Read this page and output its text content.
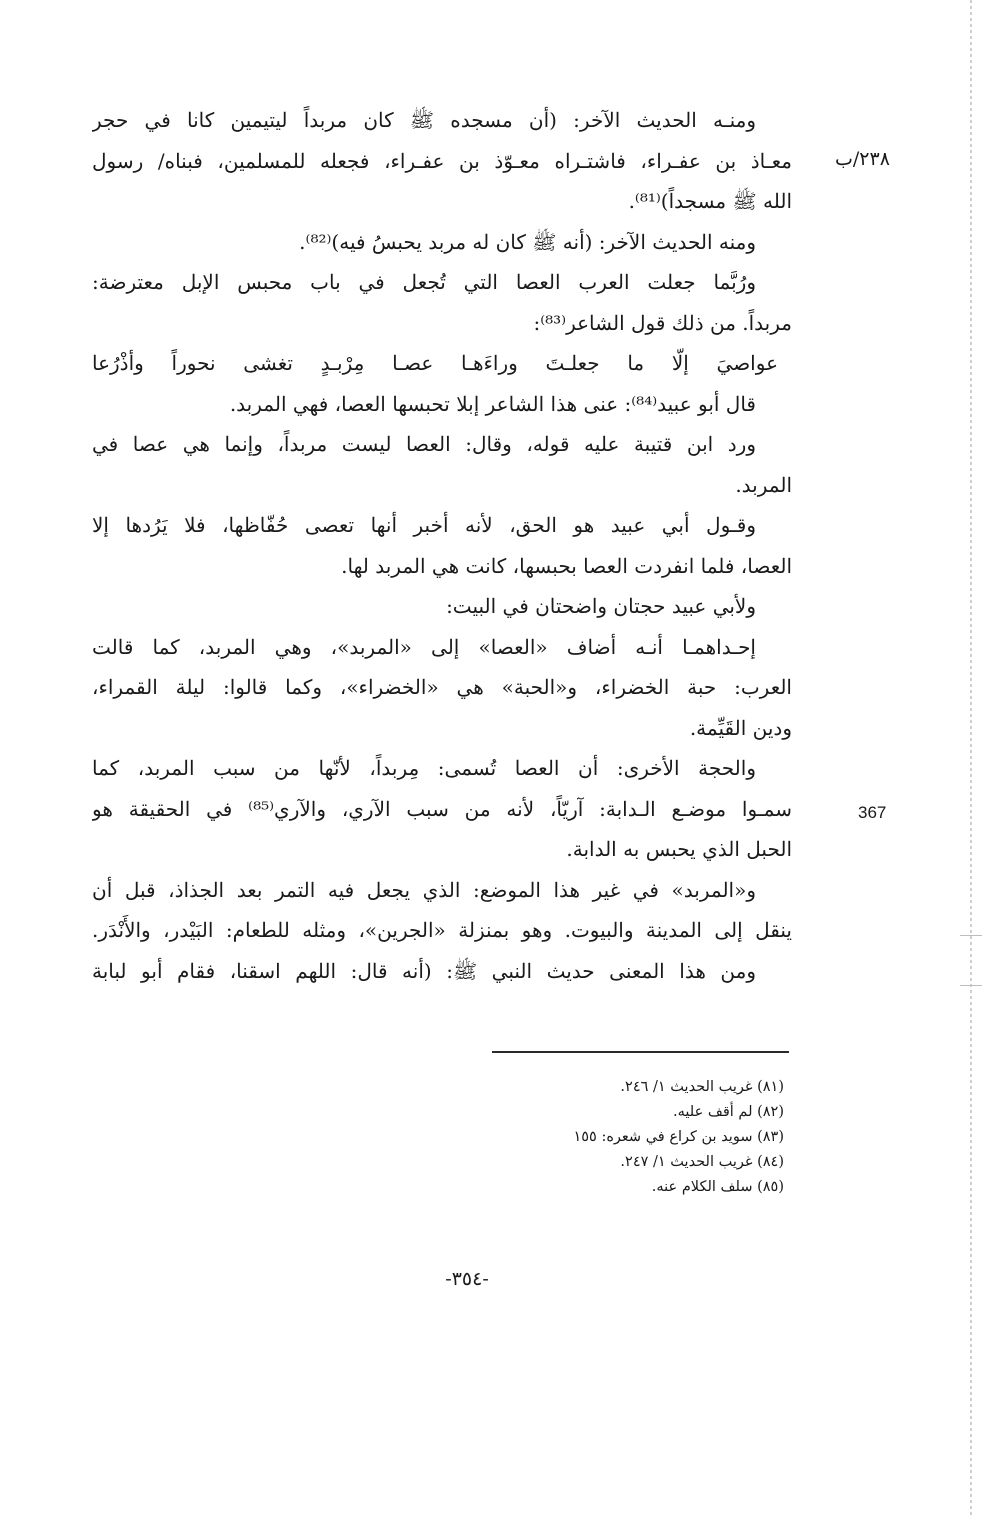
٢٣٨/ب
367
ومنـه الحديث الآخر: (أن مسجده ﷺ كان مربداً ليتيمين كانا في حجر
معـاذ بن عفـراء، فاشتـراه معـوّذ بن عفـراء، فجعله للمسلمين، فبناه/ رسول
الله ﷺ مسجداً)⁽⁸¹⁾.
ومنه الحديث الآخر: (أنه ﷺ كان له مربد يحبسُ فيه)⁽⁸²⁾.
ورُبَّما جعلت العرب العصا التي تُجعل في باب محبس الإبل معترضة:
مربداً. من ذلك قول الشاعر⁽⁸³⁾:
عواصيَ إلّا ما جعلـتَ وراءَهـا عصـا مِرْبـدٍ تغشى نحوراً وأذْرُعا
قال أبو عبيد⁽⁸⁴⁾: عنى هذا الشاعر إبلا تحبسها العصا، فهي المربد.
ورد ابن قتيبة عليه قوله، وقال: العصا ليست مربداً، وإنما هي عصا في
المربد.
وقـول أبي عبيد هو الحق، لأنه أخبر أنها تعصى حُفّاظها، فلا يَرُدها إلا
العصا، فلما انفردت العصا بحبسها، كانت هي المربد لها.
ولأبي عبيد حجتان واضحتان في البيت:
إحـداهمـا أنـه أضاف «العصا» إلى «المربد»، وهي المربد، كما قالت
العرب: حبة الخضراء، و«الحبة» هي «الخضراء»، وكما قالوا: ليلة القمراء،
ودين القَيِّمة.
والحجة الأخرى: أن العصا تُسمى: مِربداً، لأنّها من سبب المربد، كما
سمـوا موضـع الـدابة: آريّاً، لأنه من سبب الآري، والآري⁽⁸⁵⁾ في الحقيقة هو
الحبل الذي يحبس به الدابة.
و«المربد» في غير هذا الموضع: الذي يجعل فيه التمر بعد الجذاذ، قبل أن
ينقل إلى المدينة والبيوت. وهو بمنزلة «الجرين»، ومثله للطعام: البَيْدر، والأَنْدَر.
ومن هذا المعنى حديث النبي ﷺ: (أنه قال: اللهم اسقنا، فقام أبو لبابة
(٨١) غريب الحديث ١/ ٢٤٦.
(٨٢) لم أقف عليه.
(٨٣) سويد بن كراع في شعره: ١٥٥
(٨٤) غريب الحديث ١/ ٢٤٧.
(٨٥) سلف الكلام عنه.
-٣٥٤-
